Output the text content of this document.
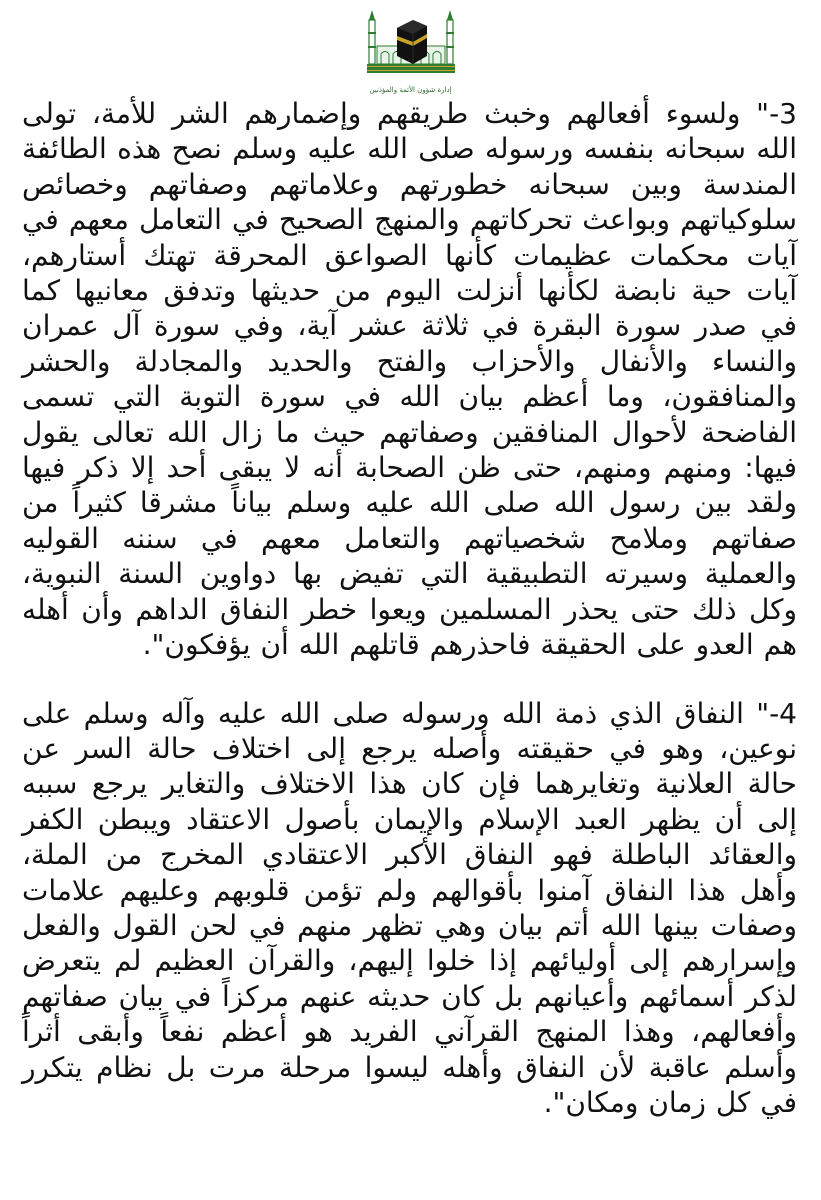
إدارة شؤون الأئمة والمؤذنين

3-" ولسوء أفعالهم وخبث طريقهم وإضمارهم الشر للأمة، تولى الله سبحانه بنفسه ورسوله صلى الله عليه وسلم نصح هذه الطائفة المندسة وبين سبحانه خطورتهم وعلاماتهم وصفاتهم وخصائص سلوكياتهم وبواعث تحركاتهم والمنهج الصحيح في التعامل معهم في آيات محكمات عظيمات كأنها الصواعق المحرقة تهتك أستارهم، آيات حية نابضة لكأنها أنزلت اليوم من حديثها وتدفق معانيها كما في صدر سورة البقرة في ثلاثة عشر آية، وفي سورة آل عمران والنساء والأنفال والأحزاب والفتح والحديد والمجادلة والحشر والمنافقون، وما أعظم بيان الله في سورة التوبة التي تسمى الفاضحة لأحوال المنافقين وصفاتهم حيث ما زال الله تعالى يقول فيها: ومنهم ومنهم، حتى ظن الصحابة أنه لا يبقى أحد إلا ذكر فيها ولقد بين رسول الله صلى الله عليه وسلم بياناً مشرقا كثيراً من صفاتهم وملامح شخصياتهم والتعامل معهم في سننه القوليه والعملية وسيرته التطبيقية التي تفيض بها دواوين السنة النبوية، وكل ذلك حتى يحذر المسلمين ويعوا خطر النفاق الداهم وأن أهله هم العدو على الحقيقة فاحذرهم قاتلهم الله أن يؤفكون".

4-" النفاق الذي ذمة الله ورسوله صلى الله عليه وآله وسلم على نوعين، وهو في حقيقته وأصله يرجع إلى اختلاف حالة السر عن حالة العلانية وتغايرهما فإن كان هذا الاختلاف والتغاير يرجع سببه إلى أن يظهر العبد الإسلام والإيمان بأصول الاعتقاد ويبطن الكفر والعقائد الباطلة فهو النفاق الأكبر الاعتقادي المخرج من الملة، وأهل هذا النفاق آمنوا بأقوالهم ولم تؤمن قلوبهم وعليهم علامات وصفات بينها الله أتم بيان وهي تظهر منهم في لحن القول والفعل وإسرارهم إلى أوليائهم إذا خلوا إليهم، والقرآن العظيم لم يتعرض لذكر أسمائهم وأعيانهم بل كان حديثه عنهم مركزاً في بيان صفاتهم وأفعالهم، وهذا المنهج القرآني الفريد هو أعظم نفعاً وأبقى أثراً وأسلم عاقبة لأن النفاق وأهله ليسوا مرحلة مرت بل نظام يتكرر في كل زمان ومكان".
